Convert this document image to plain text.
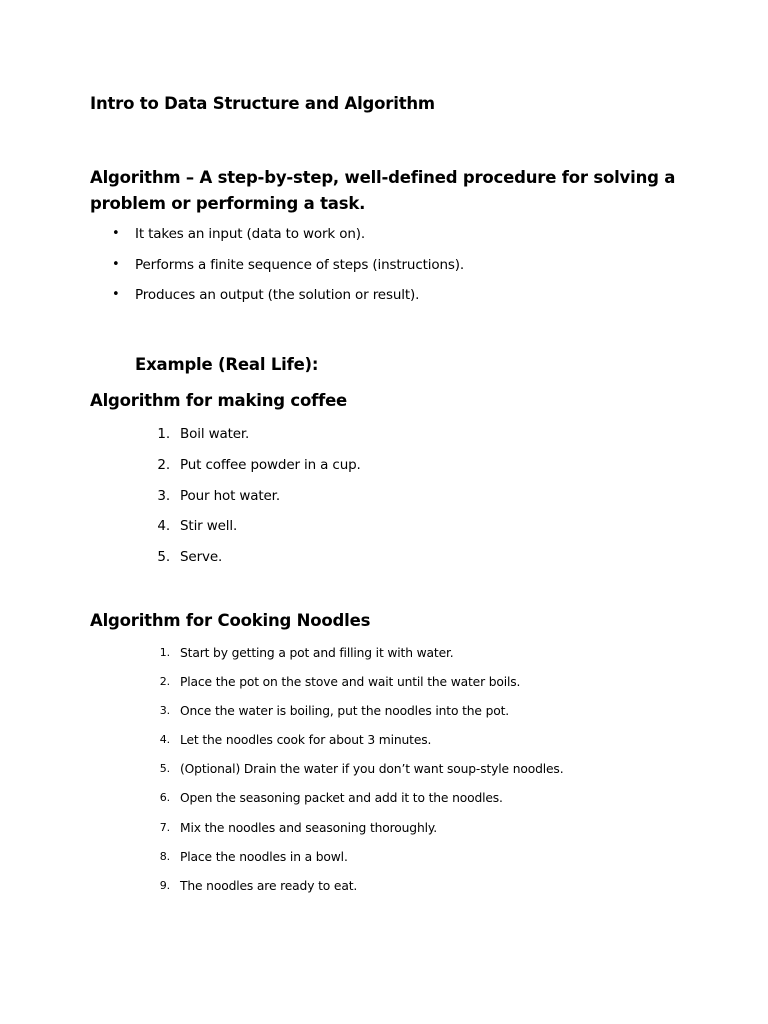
Intro to Data Structure and Algorithm
Algorithm – A step-by-step, well-defined procedure for solving a problem or performing a task.
• It takes an input (data to work on).
• Performs a finite sequence of steps (instructions).
• Produces an output (the solution or result).
Example (Real Life):
Algorithm for making coffee
1. Boil water.
2. Put coffee powder in a cup.
3. Pour hot water.
4. Stir well.
5. Serve.
Algorithm for Cooking Noodles
1. Start by getting a pot and filling it with water.
2. Place the pot on the stove and wait until the water boils.
3. Once the water is boiling, put the noodles into the pot.
4. Let the noodles cook for about 3 minutes.
5. (Optional) Drain the water if you don’t want soup-style noodles.
6. Open the seasoning packet and add it to the noodles.
7. Mix the noodles and seasoning thoroughly.
8. Place the noodles in a bowl.
9. The noodles are ready to eat.
